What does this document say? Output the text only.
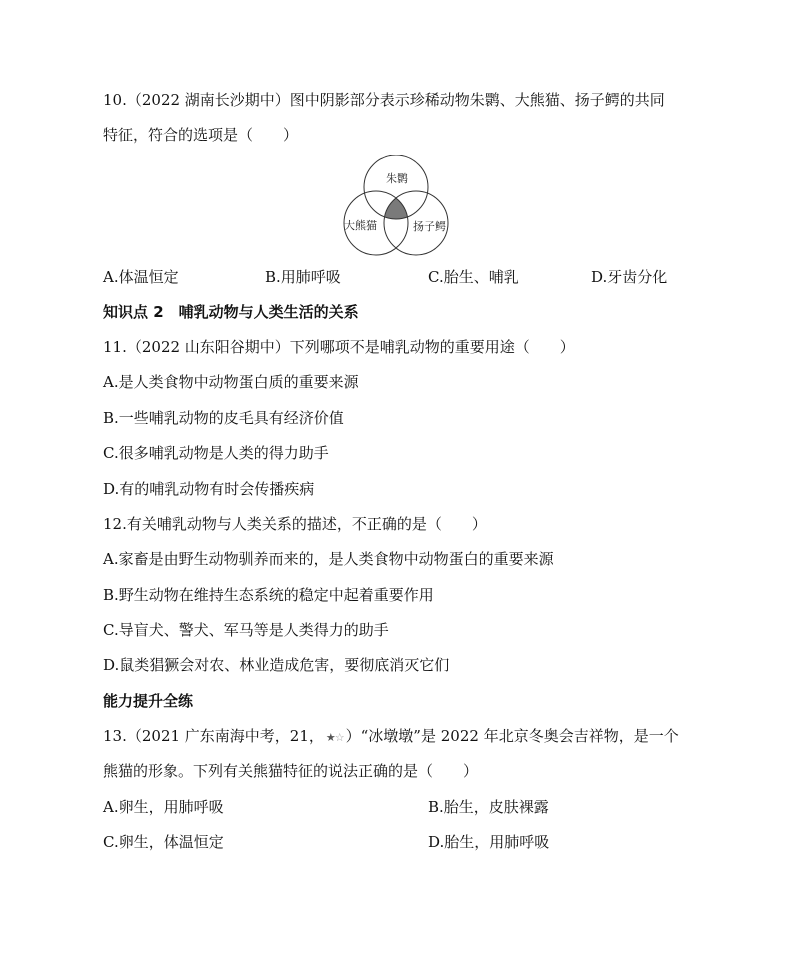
10.（2022 湖南长沙期中）图中阴影部分表示珍稀动物朱鹮、大熊猫、扬子鳄的共同
特征，符合的选项是（　　）
朱鹮
大熊猫	扬子鳄
A.体温恒定	B.用肺呼吸	C.胎生、哺乳	D.牙齿分化
知识点 2　哺乳动物与人类生活的关系
11.（2022 山东阳谷期中）下列哪项不是哺乳动物的重要用途（　　）
A.是人类食物中动物蛋白质的重要来源
B.一些哺乳动物的皮毛具有经济价值
C.很多哺乳动物是人类的得力助手
D.有的哺乳动物有时会传播疾病
12.有关哺乳动物与人类关系的描述，不正确的是（　　）
A.家畜是由野生动物驯养而来的，是人类食物中动物蛋白的重要来源
B.野生动物在维持生态系统的稳定中起着重要作用
C.导盲犬、警犬、军马等是人类得力的助手
D.鼠类猖獗会对农、林业造成危害，要彻底消灭它们
能力提升全练
13.（2021 广东南海中考，21， ★☆ ）“冰墩墩”是 2022 年北京冬奥会吉祥物，是一个
熊猫的形象。下列有关熊猫特征的说法正确的是（　　）
A.卵生，用肺呼吸	B.胎生，皮肤裸露
C.卵生，体温恒定	D.胎生，用肺呼吸
